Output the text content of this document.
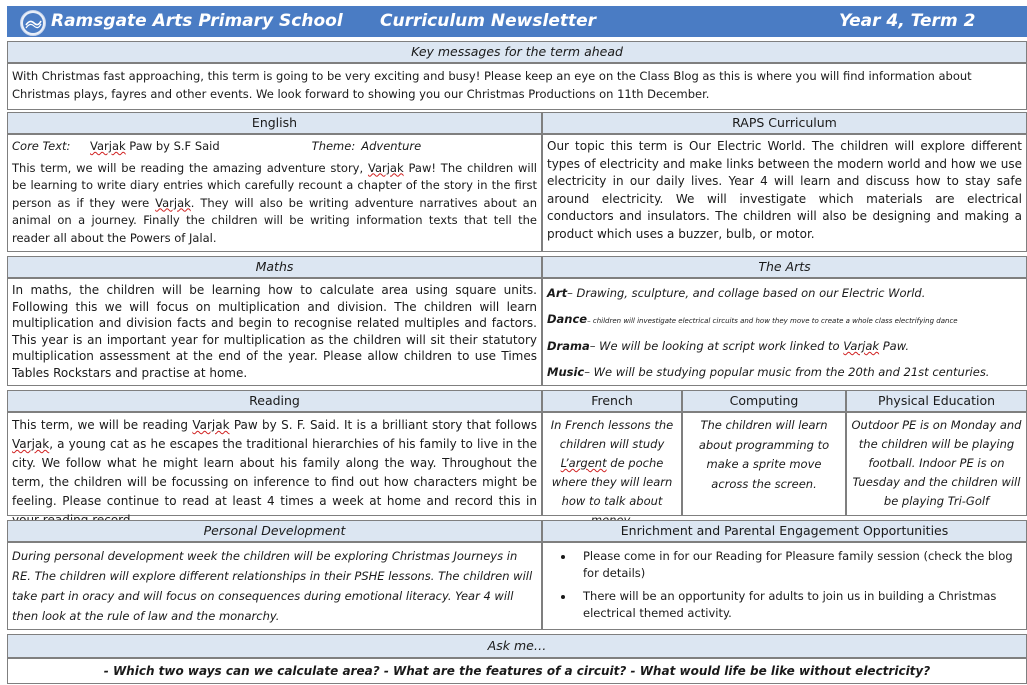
Ramsgate Arts Primary School Curriculum Newsletter	Year 4, Term 2
Key messages for the term ahead
With Christmas fast approaching, this term is going to be very exciting and busy! Please keep an eye on the Class Blog as this is where you will find information about Christmas plays, fayres and other events. We look forward to showing you our Christmas Productions on 11th December.
English
Core Text:	Varjak Paw by S.F Said	Theme: Adventure
This term, we will be reading the amazing adventure story, Varjak Paw! The children will be learning to write diary entries which carefully recount a chapter of the story in the first person as if they were Varjak. They will also be writing adventure narratives about an animal on a journey. Finally the children will be writing information texts that tell the reader all about the Powers of Jalal.
RAPS Curriculum
Our topic this term is Our Electric World. The children will explore different types of electricity and make links between the modern world and how we use electricity in our daily lives. Year 4 will learn and discuss how to stay safe around electricity. We will investigate which materials are electrical conductors and insulators. The children will also be designing and making a product which uses a buzzer, bulb, or motor.
Maths
In maths, the children will be learning how to calculate area using square units. Following this we will focus on multiplication and division. The children will learn multiplication and division facts and begin to recognise related multiples and factors. This year is an important year for multiplication as the children will sit their statutory multiplication assessment at the end of the year. Please allow children to use Times Tables Rockstars and practise at home.
The Arts

Art– Drawing, sculpture, and collage based on our Electric World.

Dance– children will investigate electrical circuits and how they move to create a whole class electrifying dance

Drama– We will be looking at script work linked to Varjak Paw.

Music– We will be studying popular music from the 20th and 21st centuries.

Reading
This term, we will be reading Varjak Paw by S. F. Said. It is a brilliant story that follows Varjak, a young cat as he escapes the traditional hierarchies of his family to live in the city. We follow what he might learn about his family along the way. Throughout the term, the children will be focussing on inference to find out how characters might be feeling. Please continue to read at least 4 times a week at home and record this in
French
In French lessons the children will study L’argent de poche where they will learn how to talk about
Computing
The children will learn about programming to make a sprite move across the screen.
Physical Education
Outdoor PE is on Monday and the children will be playing football. Indoor PE is on Tuesday and the children will be playing Tri-Golf
Personal Development
During personal development week the children will be exploring Christmas Journeys in RE. The children will explore different relationships in their PSHE lessons. The children will take part in oracy and will focus on consequences during emotional literacy. Year 4 will then look at the rule of law and the monarchy.
Enrichment and Parental Engagement Opportunities
• Please come in for our Reading for Pleasure family session (check the blog for details)
• There will be an opportunity for adults to join us in building a Christmas electrical themed activity.
Ask me…
- Which two ways can we calculate area? - What are the features of a circuit? - What would life be like without electricity?
